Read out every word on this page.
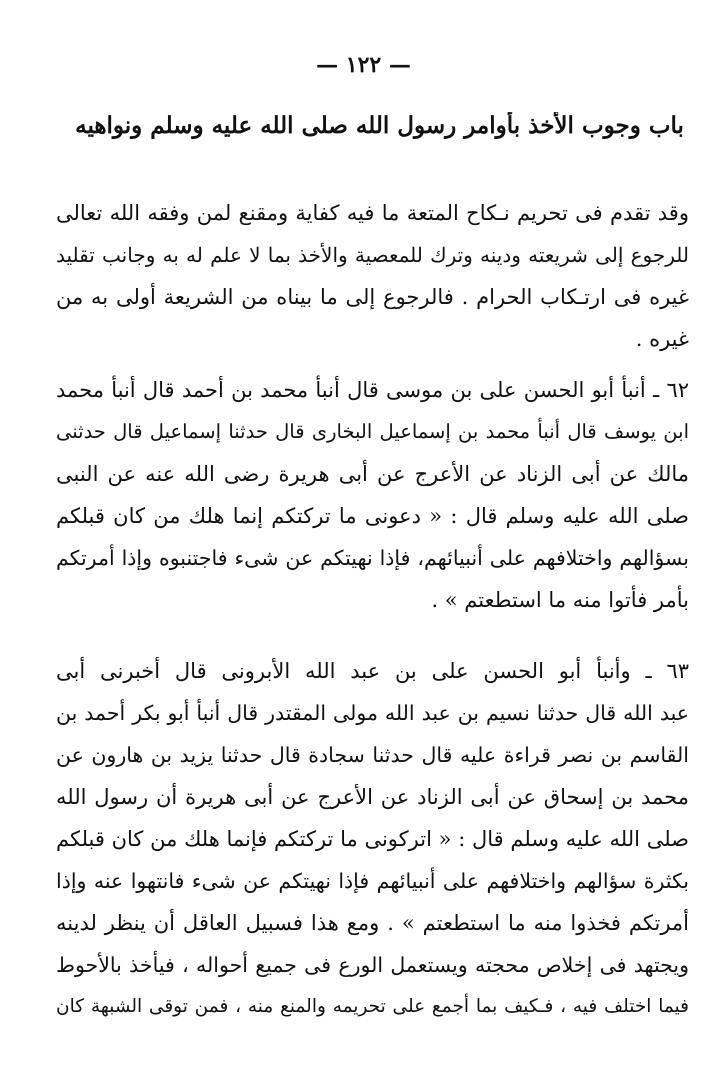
— ١٢٢ —
باب وجوب الأخذ بأوامر رسول الله صلى الله عليه وسلم ونواهيه
وقد تقدم فى تحريم نـكاح المتعة ما فيه كفاية ومقنع لمن وفقه الله تعالى
للرجوع إلى شريعته ودينه وترك للمعصية والأخذ بما لا علم له به وجانب تقليد
غيره فى ارتـكاب الحرام . فالرجوع إلى ما بيناه من الشريعة أولى به من
غيره .
٦٢ ـ أنبأ أبو الحسن على بن موسى قال أنبأ محمد بن أحمد قال أنبأ محمد
ابن يوسف قال أنبأ محمد بن إسماعيل البخارى قال حدثنا إسماعيل قال حدثنى
مالك عن أبى الزناد عن الأعرج عن أبى هريرة رضى الله عنه عن النبى
صلى الله عليه وسلم قال : « دعونى ما تركتكم إنما هلك من كان قبلكم
بسؤالهم واختلافهم على أنبيائهم، فإذا نهيتكم عن شىء فاجتنبوه وإذا أمرتكم
بأمر فأتوا منه ما استطعتم » .
٦٣ ـ وأنبأ أبو الحسن على بن عبد الله الأبرونى قال أخبرنى أبى
عبد الله قال حدثنا نسيم بن عبد الله مولى المقتدر قال أنبأ أبو بكر أحمد بن
القاسم بن نصر قراءة عليه قال حدثنا سجادة قال حدثنا يزيد بن هارون عن
محمد بن إسحاق عن أبى الزناد عن الأعرج عن أبى هريرة أن رسول الله
صلى الله عليه وسلم قال : « اتركونى ما تركتكم فإنما هلك من كان قبلكم
بكثرة سؤالهم واختلافهم على أنبيائهم فإذا نهيتكم عن شىء فانتهوا عنه وإذا
أمرتكم فخذوا منه ما استطعتم » . ومع هذا فسبيل العاقل أن ينظر لدينه
ويجتهد فى إخلاص محجته ويستعمل الورع فى جميع أحواله ، فيأخذ بالأحوط
فيما اختلف فيه ، فـكيف بما أجمع على تحريمه والمنع منه ، فمن توقى الشبهة كان
